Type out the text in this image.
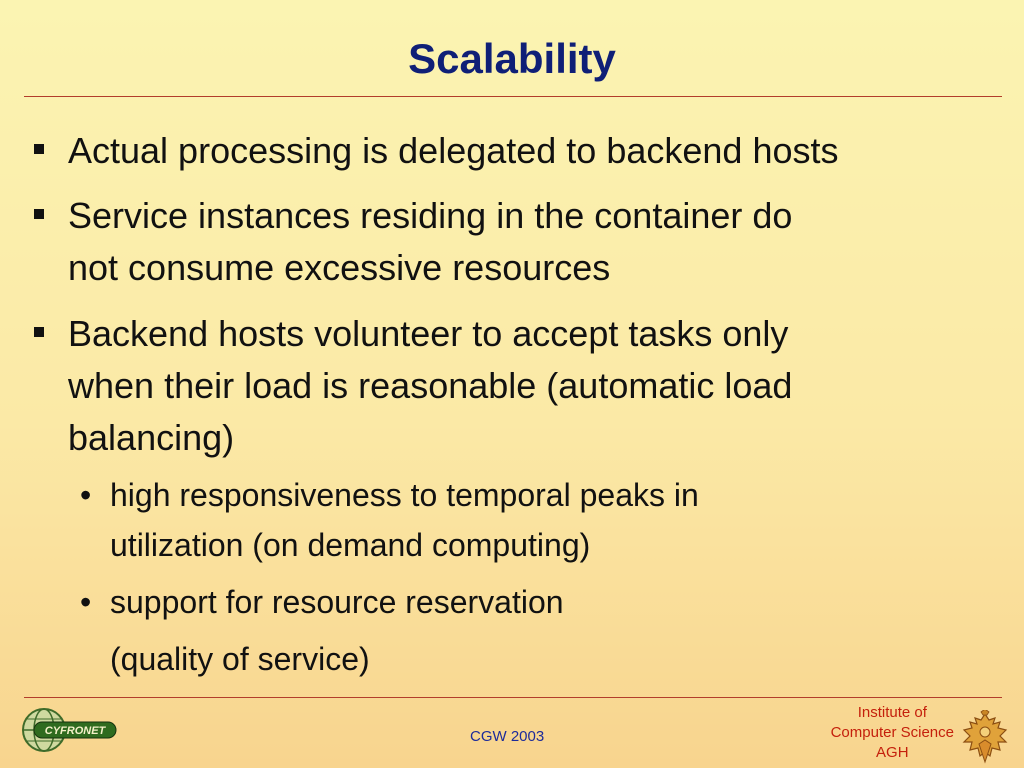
Scalability
Actual processing is delegated to backend hosts
Service instances residing in the container do
not consume excessive resources
Backend hosts volunteer to accept tasks only
when their load is reasonable (automatic load
balancing)
• high responsiveness to temporal peaks in
utilization (on demand computing)
• support for resource reservation
(quality of service)
CYFRONET	CGW 2003
Institute of
Computer Science
AGH
